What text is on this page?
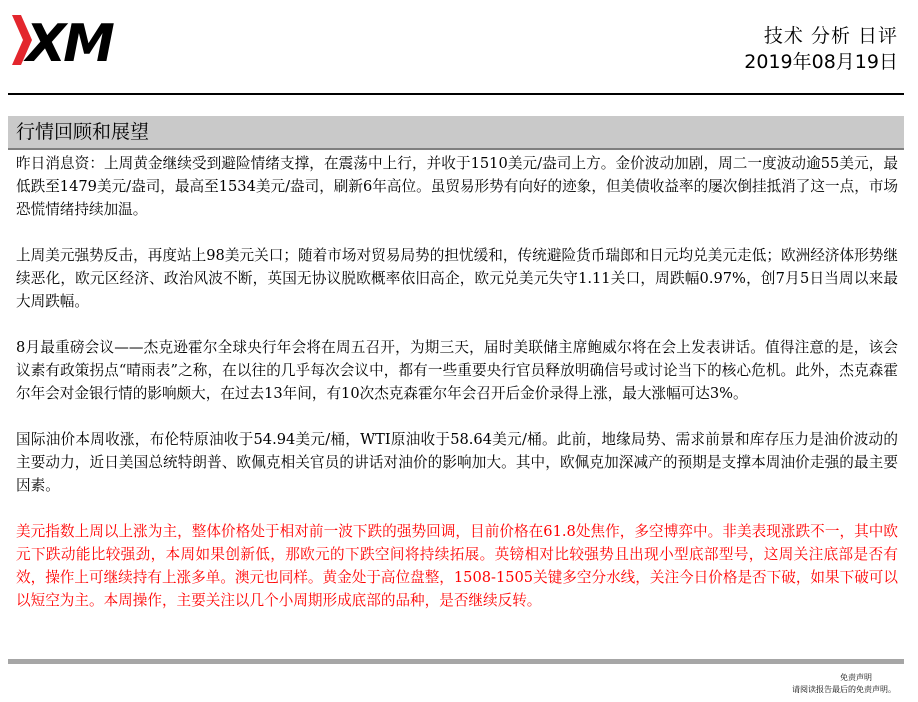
XM	技术 分析 日评
2019年08月19日
行情回顾和展望

昨日消息资：上周黄金继续受到避险情绪支撑，在震荡中上行，并收于1510美元/盎司上方。金价波动加剧，周二一度波动逾55美元，最低跌至1479美元/盎司，最高至1534美元/盎司，刷新6年高位。虽贸易形势有向好的迹象，但美债收益率的屡次倒挂抵消了这一点，市场恐慌情绪持续加温。

上周美元强势反击，再度站上98美元关口；随着市场对贸易局势的担忧缓和，传统避险货币瑞郎和日元均兑美元走低；欧洲经济体形势继续恶化，欧元区经济、政治风波不断，英国无协议脱欧概率依旧高企，欧元兑美元失守1.11关口，周跌幅0.97%，创7月5日当周以来最大周跌幅。

8月最重磅会议——杰克逊霍尔全球央行年会将在周五召开，为期三天，届时美联储主席鲍威尔将在会上发表讲话。值得注意的是，该会议素有政策拐点“晴雨表”之称，在以往的几乎每次会议中，都有一些重要央行官员释放明确信号或讨论当下的核心危机。此外，杰克森霍尔年会对金银行情的影响颇大，在过去13年间，有10次杰克森霍尔年会召开后金价录得上涨，最大涨幅可达3%。

国际油价本周收涨，布伦特原油收于54.94美元/桶，WTI原油收于58.64美元/桶。此前，地缘局势、需求前景和库存压力是油价波动的主要动力，近日美国总统特朗普、欧佩克相关官员的讲话对油价的影响加大。其中，欧佩克加深减产的预期是支撑本周油价走强的最主要因素。

美元指数上周以上涨为主，整体价格处于相对前一波下跌的强势回调，目前价格在61.8处焦作，多空博弈中。非美表现涨跌不一，其中欧元下跌动能比较强劲，本周如果创新低，那欧元的下跌空间将持续拓展。英镑相对比较强势且出现小型底部型号，这周关注底部是否有效，操作上可继续持有上涨多单。澳元也同样。黄金处于高位盘整，1508-1505关键多空分水线，关注今日价格是否下破，如果下破可以以短空为主。本周操作，主要关注以几个小周期形成底部的品种，是否继续反转。

免责声明
请阅读报告最后的免责声明。
